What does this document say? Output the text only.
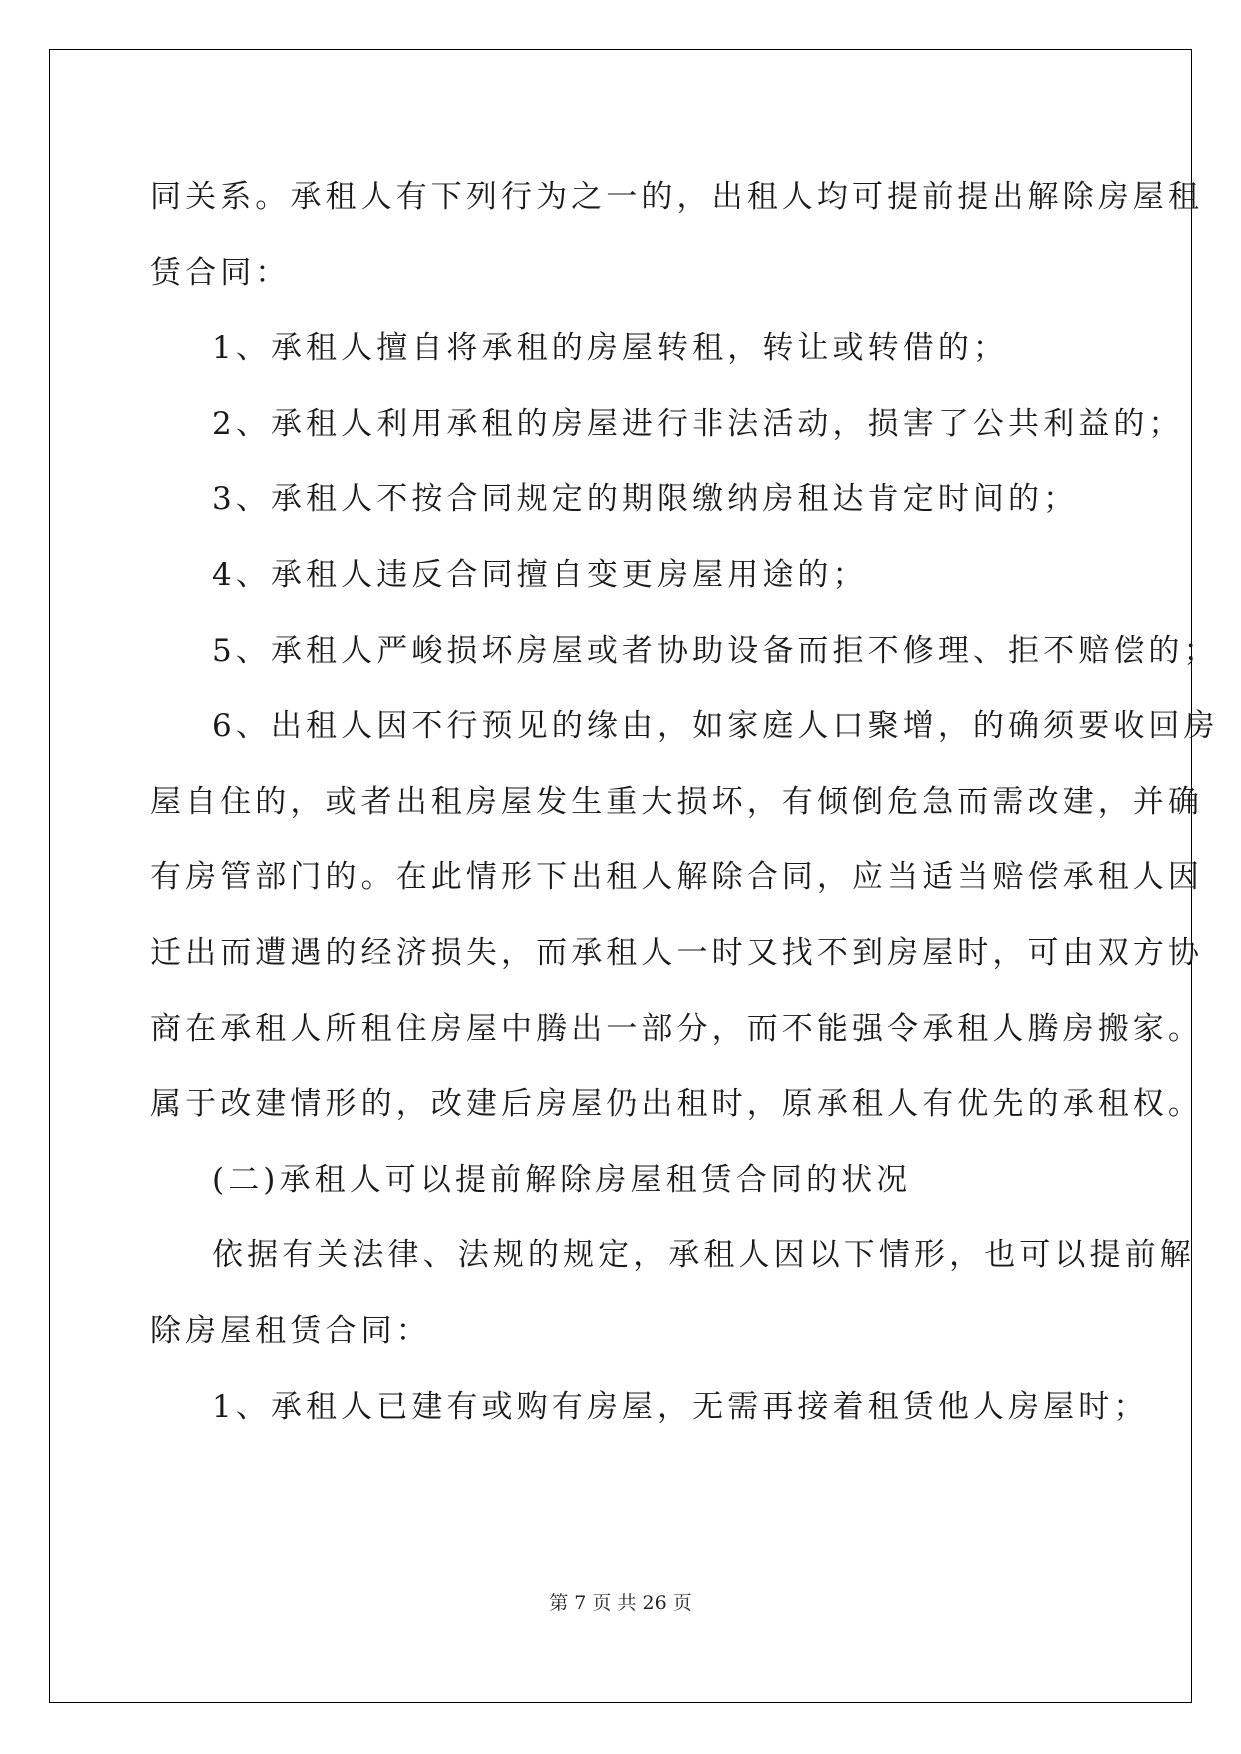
同关系。承租人有下列行为之一的，出租人均可提前提出解除房屋租
赁合同：
1、承租人擅自将承租的房屋转租，转让或转借的；
2、承租人利用承租的房屋进行非法活动，损害了公共利益的；
3、承租人不按合同规定的期限缴纳房租达肯定时间的；
4、承租人违反合同擅自变更房屋用途的；
5、承租人严峻损坏房屋或者协助设备而拒不修理、拒不赔偿的；
6、出租人因不行预见的缘由，如家庭人口聚增，的确须要收回房
屋自住的，或者出租房屋发生重大损坏，有倾倒危急而需改建，并确
有房管部门的。在此情形下出租人解除合同，应当适当赔偿承租人因
迁出而遭遇的经济损失，而承租人一时又找不到房屋时，可由双方协
商在承租人所租住房屋中腾出一部分，而不能强令承租人腾房搬家。
属于改建情形的，改建后房屋仍出租时，原承租人有优先的承租权。
(二)承租人可以提前解除房屋租赁合同的状况
依据有关法律、法规的规定，承租人因以下情形，也可以提前解
除房屋租赁合同：
1、承租人已建有或购有房屋，无需再接着租赁他人房屋时；
第 7 页 共 26 页
